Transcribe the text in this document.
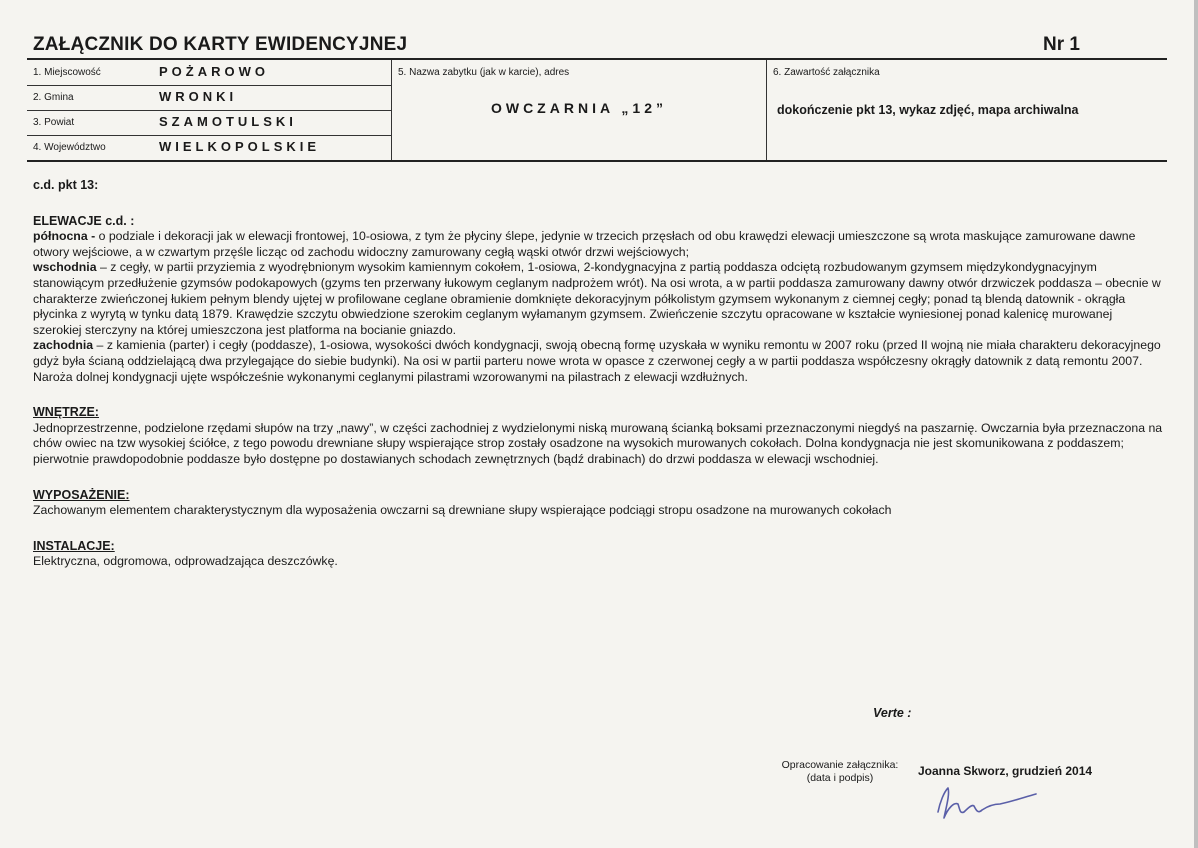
ZAŁĄCZNIK DO KARTY EWIDENCYJNEJ	Nr 1
1. Miejscowość	POŻAROWO
2. Gmina	WRONKI
3. Powiat	SZAMOTULSKI
4. Województwo	WIELKOPOLSKIE
5. Nazwa zabytku (jak w karcie), adres
OWCZARNIA „12”
6. Zawartość załącznika
dokończenie pkt 13, wykaz zdjęć, mapa archiwalna

c.d. pkt 13:

ELEWACJE c.d. :

północna - o podziale i dekoracji jak w elewacji frontowej, 10-osiowa, z tym że płyciny ślepe, jedynie w trzecich przęsłach od obu krawędzi elewacji umieszczone są wrota maskujące zamurowane dawne otwory wejściowe, a w czwartym przęśle licząc od zachodu widoczny zamurowany cegłą wąski otwór drzwi wejściowych;

wschodnia – z cegły, w partii przyziemia z wyodrębnionym wysokim kamiennym cokołem, 1-osiowa, 2-kondygnacyjna z partią poddasza odciętą rozbudowanym gzymsem międzykondygnacyjnym stanowiącym przedłużenie gzymsów podokapowych (gzyms ten przerwany łukowym ceglanym nadprożem wrót). Na osi wrota, a w partii poddasza zamurowany dawny otwór drzwiczek poddasza – obecnie w charakterze zwieńczonej łukiem pełnym blendy ujętej w profilowane ceglane obramienie domknięte dekoracyjnym półkolistym gzymsem wykonanym z ciemnej cegły; ponad tą blendą datownik - okrągła płycinka z wyrytą w tynku datą 1879. Krawędzie szczytu obwiedzione szerokim ceglanym wyłamanym gzymsem. Zwieńczenie szczytu opracowane w kształcie wyniesionej ponad kalenicę murowanej szerokiej sterczyny na której umieszczona jest platforma na bocianie gniazdo.

zachodnia – z kamienia (parter) i cegły (poddasze), 1-osiowa, wysokości dwóch kondygnacji, swoją obecną formę uzyskała w wyniku remontu w 2007 roku (przed II wojną nie miała charakteru dekoracyjnego gdyż była ścianą oddzielającą dwa przylegające do siebie budynki). Na osi w partii parteru nowe wrota w opasce z czerwonej cegły a w partii poddasza współczesny okrągły datownik z datą remontu 2007. Naroża dolnej kondygnacji ujęte współcześnie wykonanymi ceglanymi pilastrami wzorowanymi na pilastrach z elewacji wzdłużnych.

WNĘTRZE:

Jednoprzestrzenne, podzielone rzędami słupów na trzy „nawy”, w części zachodniej z wydzielonymi niską murowaną ścianką boksami przeznaczonymi niegdyś na paszarnię. Owczarnia była przeznaczona na chów owiec na tzw wysokiej ściółce, z tego powodu drewniane słupy wspierające strop zostały osadzone na wysokich murowanych cokołach. Dolna kondygnacja nie jest skomunikowana z poddaszem; pierwotnie prawdopodobnie poddasze było dostępne po dostawianych schodach zewnętrznych (bądź drabinach) do drzwi poddasza w elewacji wschodniej.

WYPOSAŻENIE:

Zachowanym elementem charakterystycznym dla wyposażenia owczarni są drewniane słupy wspierające podciągi stropu osadzone na murowanych cokołach

INSTALACJE:

Elektryczna, odgromowa, odprowadzająca deszczówkę.

Verte :
Opracowanie załącznika:
(data i podpis)	Joanna Skworz, grudzień 2014
